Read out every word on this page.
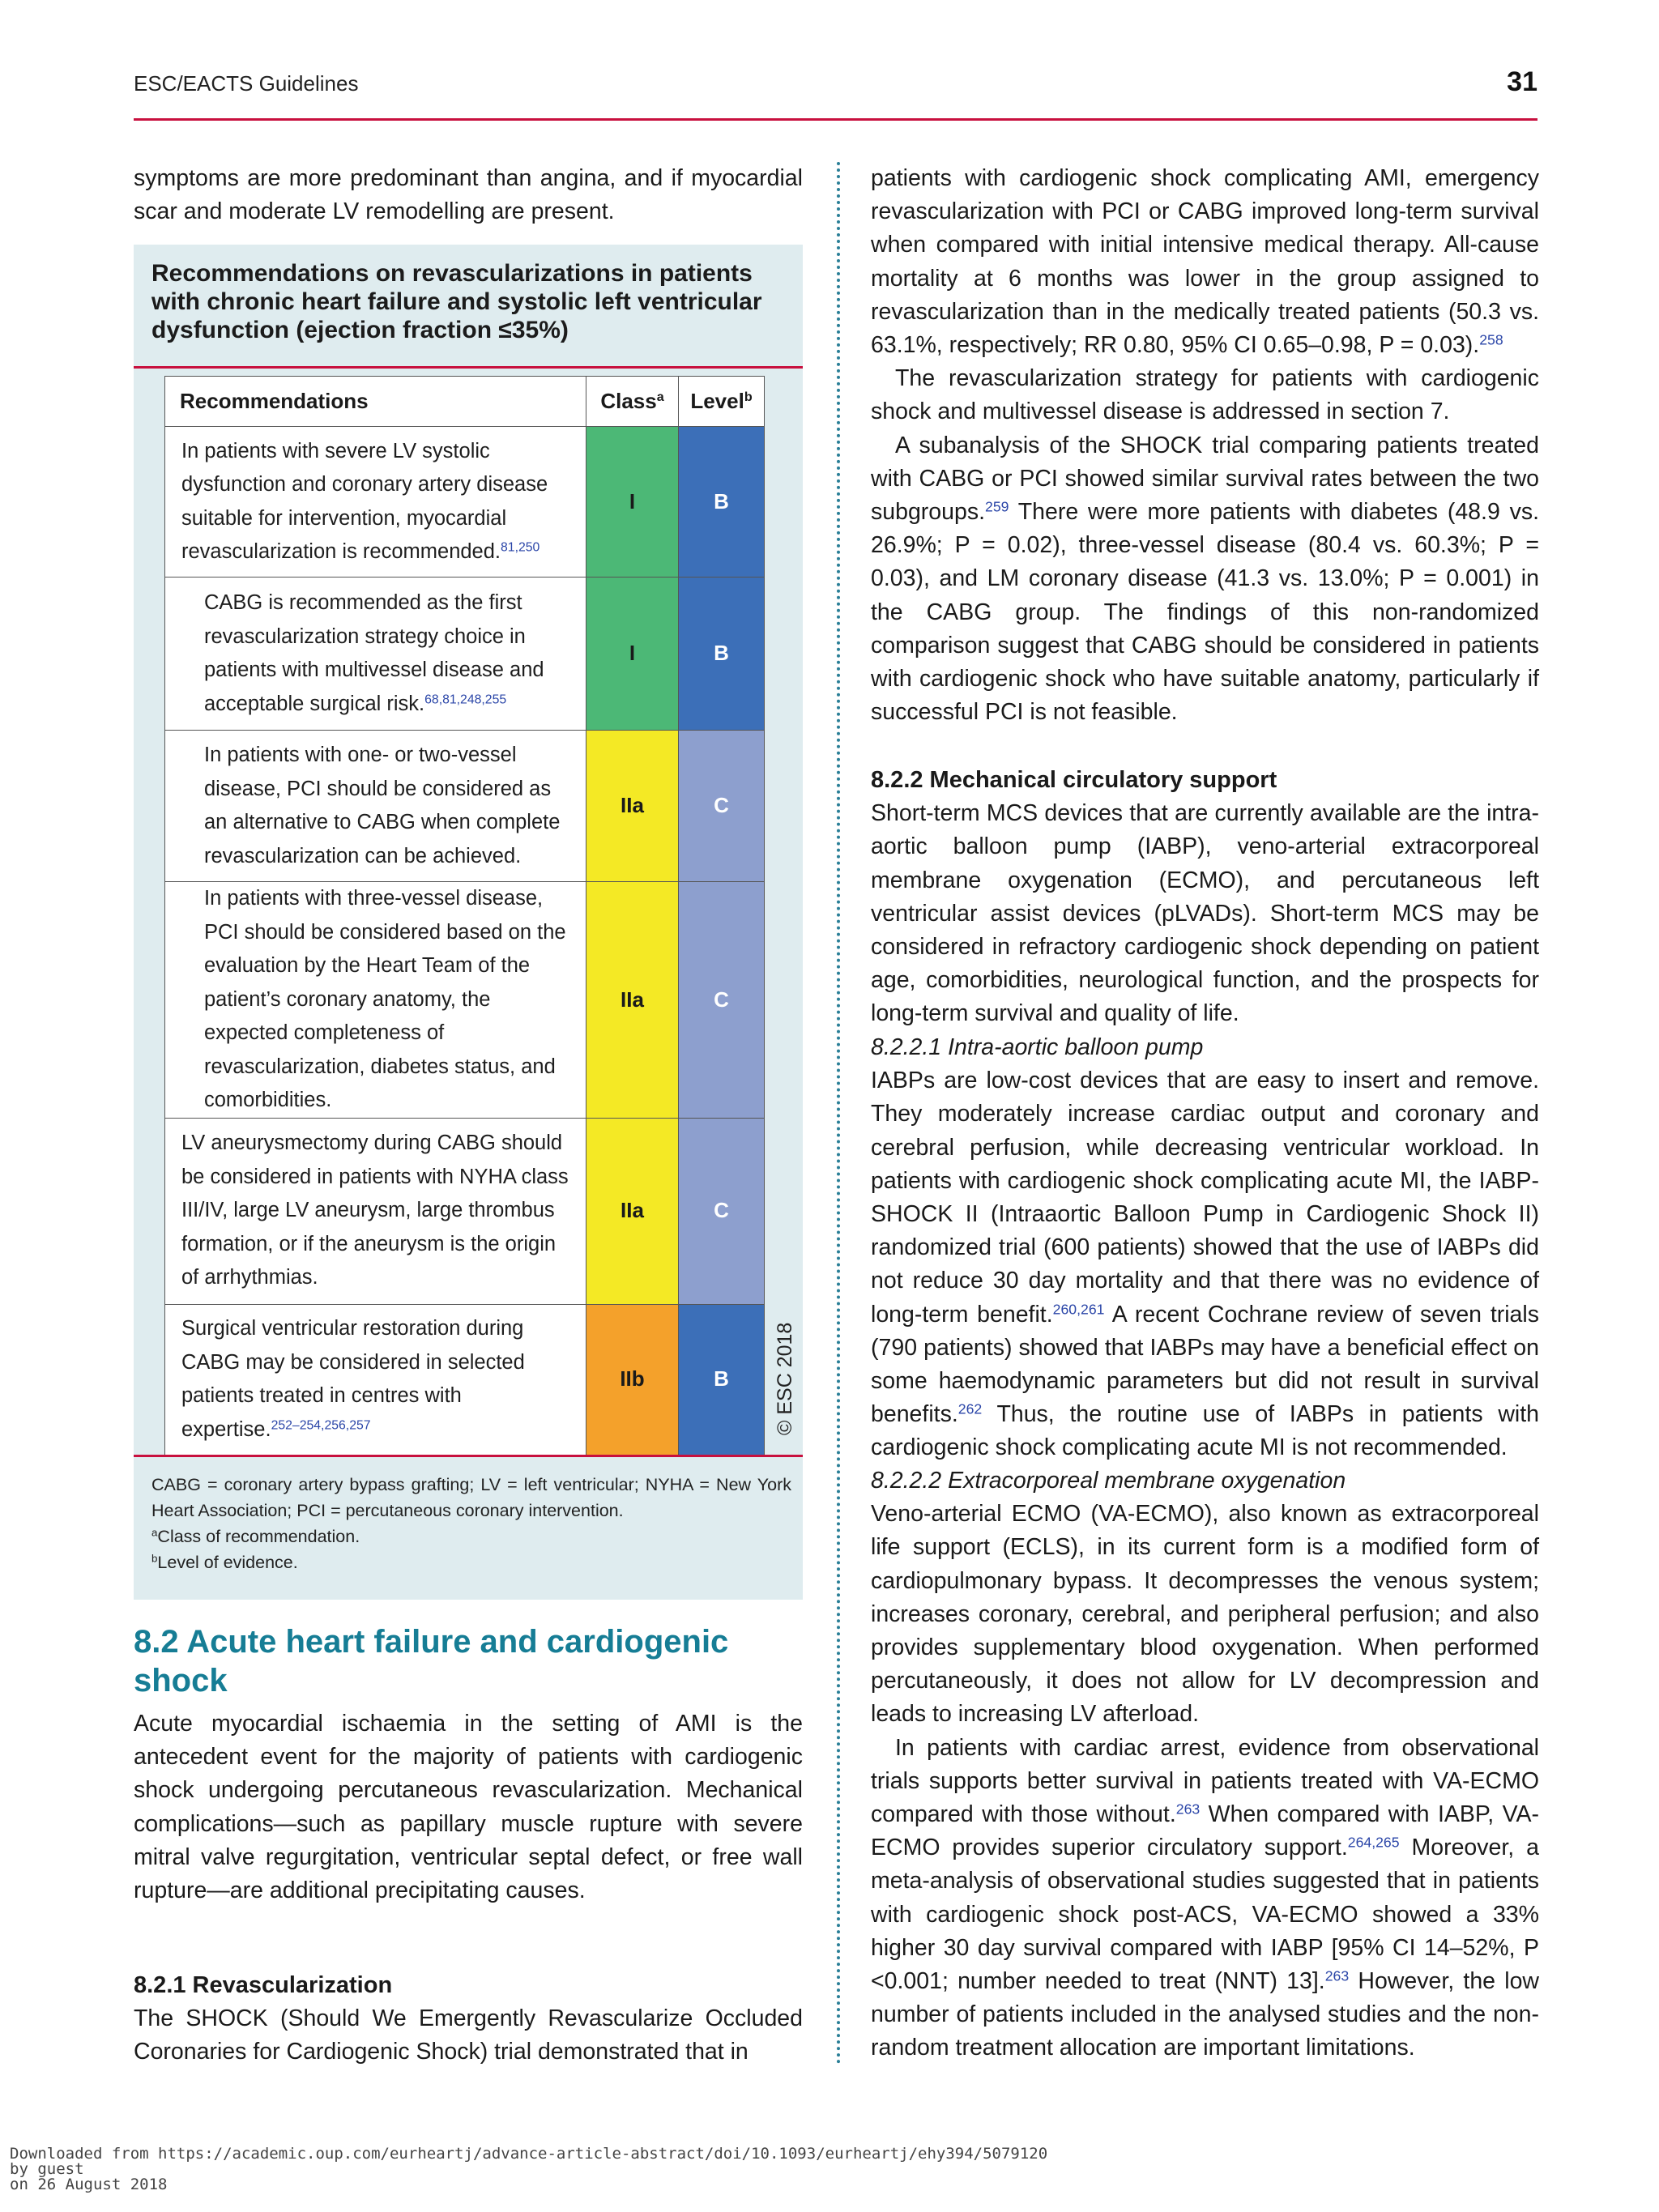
ESC/EACTS Guidelines	31

symptoms are more predominant than angina, and if myocardial scar and moderate LV remodelling are present.

Recommendations on revascularizations in patients with chronic heart failure and systolic left ventricular dysfunction (ejection fraction ≤35%)
Recommendations	Class$^a$	Level$^b$
In patients with severe LV systolic dysfunction and coronary artery disease suitable for intervention, myocardial revascularization is recommended.$^{81,250}$	I	B
CABG is recommended as the first revascularization strategy choice in patients with multivessel disease and acceptable surgical risk.$^{68,81,248,255}$	I	B
In patients with one- or two-vessel disease, PCI should be considered as an alternative to CABG when complete revascularization can be achieved.	IIa	C
In patients with three-vessel disease, PCI should be considered based on the evaluation by the Heart Team of the patient’s coronary anatomy, the expected completeness of revascularization, diabetes status, and comorbidities.	IIa	C
LV aneurysmectomy during CABG should be considered in patients with NYHA class III/IV, large LV aneurysm, large thrombus formation, or if the aneurysm is the origin of arrhythmias.	IIa	C
Surgical ventricular restoration during CABG may be considered in selected patients treated in centres with expertise.$^{252-254,256,257}$	IIb	B © ESC 2018
CABG = coronary artery bypass grafting; LV = left ventricular; NYHA = New York Heart Association; PCI = percutaneous coronary intervention.
$^a$Class of recommendation.
$^b$Level of evidence.
8.2 Acute heart failure and cardiogenic shock

Acute myocardial ischaemia in the setting of AMI is the antecedent event for the majority of patients with cardiogenic shock undergoing percutaneous revascularization. Mechanical complications—such as papillary muscle rupture with severe mitral valve regurgitation, ventricular septal defect, or free wall rupture—are additional precipitating causes.

8.2.1 Revascularization

The SHOCK (Should We Emergently Revascularize Occluded Coronaries for Cardiogenic Shock) trial demonstrated that in

patients with cardiogenic shock complicating AMI, emergency revascularization with PCI or CABG improved long-term survival when compared with initial intensive medical therapy. All-cause mortality at 6 months was lower in the group assigned to revascularization than in the medically treated patients (50.3 vs. 63.1%, respectively; RR 0.80, 95% CI 0.65–0.98, P = 0.03).$^{258}$

The revascularization strategy for patients with cardiogenic shock and multivessel disease is addressed in section 7.

A subanalysis of the SHOCK trial comparing patients treated with CABG or PCI showed similar survival rates between the two subgroups.$^{259}$ There were more patients with diabetes (48.9 vs. 26.9%; P = 0.02), three-vessel disease (80.4 vs. 60.3%; P = 0.03), and LM coronary disease (41.3 vs. 13.0%; P = 0.001) in the CABG group. The findings of this non-randomized comparison suggest that CABG should be considered in patients with cardiogenic shock who have suitable anatomy, particularly if successful PCI is not feasible.

8.2.2 Mechanical circulatory support

Short-term MCS devices that are currently available are the intra-aortic balloon pump (IABP), veno-arterial extracorporeal membrane oxygenation (ECMO), and percutaneous left ventricular assist devices (pLVADs). Short-term MCS may be considered in refractory cardiogenic shock depending on patient age, comorbidities, neurological function, and the prospects for long-term survival and quality of life.

8.2.2.1 Intra-aortic balloon pump

IABPs are low-cost devices that are easy to insert and remove. They moderately increase cardiac output and coronary and cerebral perfusion, while decreasing ventricular workload. In patients with cardiogenic shock complicating acute MI, the IABP-SHOCK II (Intraaortic Balloon Pump in Cardiogenic Shock II) randomized trial (600 patients) showed that the use of IABPs did not reduce 30 day mortality and that there was no evidence of long-term benefit.$^{260,261}$ A recent Cochrane review of seven trials (790 patients) showed that IABPs may have a beneficial effect on some haemodynamic parameters but did not result in survival benefits.$^{262}$ Thus, the routine use of IABPs in patients with cardiogenic shock complicating acute MI is not recommended.

8.2.2.2 Extracorporeal membrane oxygenation

Veno-arterial ECMO (VA-ECMO), also known as extracorporeal life support (ECLS), in its current form is a modified form of cardiopulmonary bypass. It decompresses the venous system; increases coronary, cerebral, and peripheral perfusion; and also provides supplementary blood oxygenation. When performed percutaneously, it does not allow for LV decompression and leads to increasing LV afterload.

In patients with cardiac arrest, evidence from observational trials supports better survival in patients treated with VA-ECMO compared with those without.$^{263}$ When compared with IABP, VA-ECMO provides superior circulatory support.$^{264,265}$ Moreover, a meta-analysis of observational studies suggested that in patients with cardiogenic shock post-ACS, VA-ECMO showed a 33% higher 30 day survival compared with IABP [95% CI 14–52%, P <0.001; number needed to treat (NNT) 13].$^{263}$ However, the low number of patients included in the analysed studies and the non-random treatment allocation are important limitations.

Downloaded from https://academic.oup.com/eurheartj/advance-article-abstract/doi/10.1093/eurheartj/ehy394/5079120
by guest
on 26 August 2018
